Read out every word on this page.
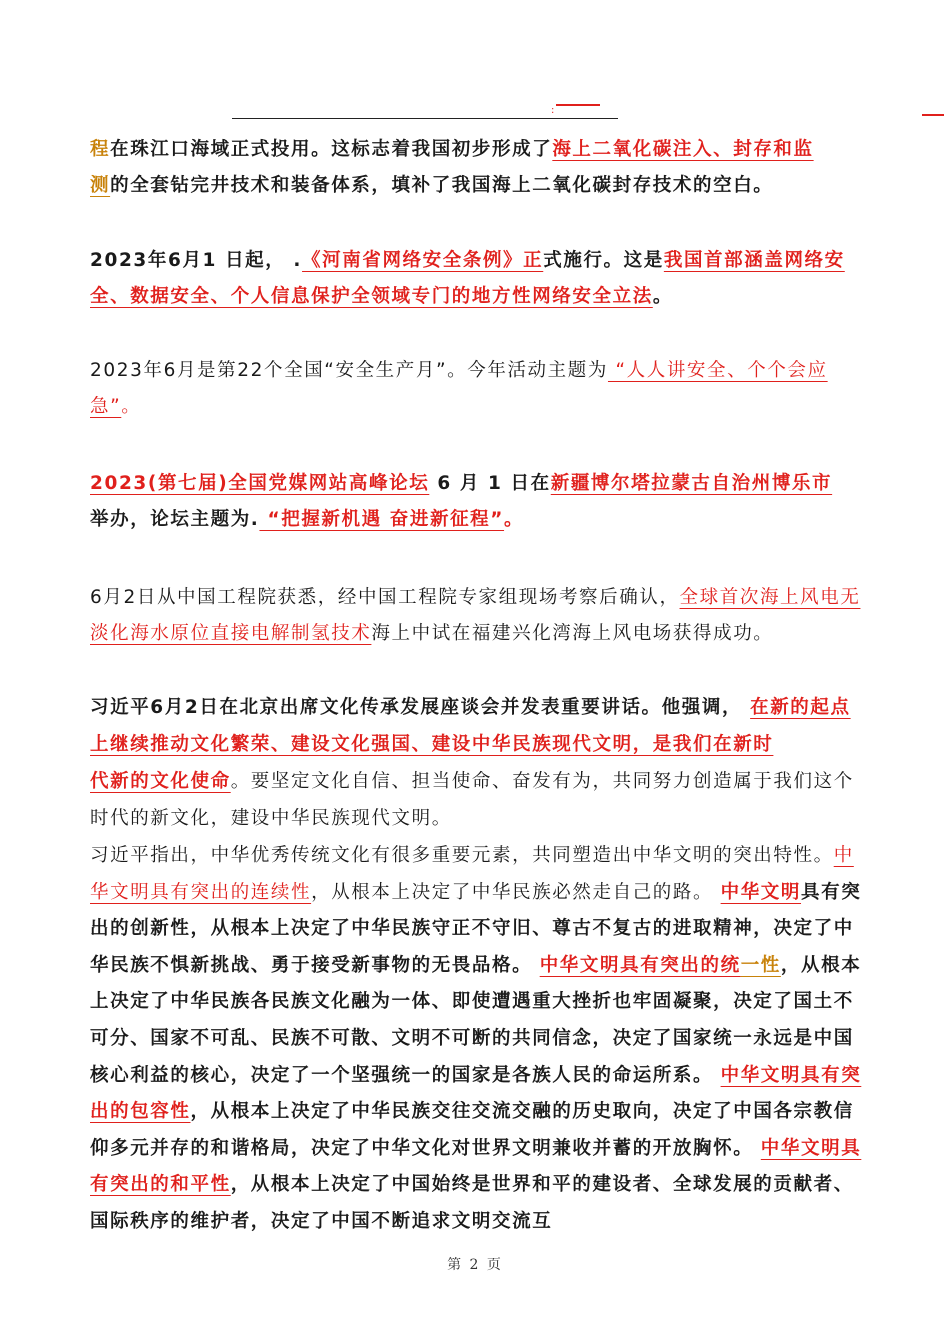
:

程在珠江口海域正式投用。这标志着我国初步形成了海上二氧化碳注入、封存和监
测的全套钻完井技术和装备体系，填补了我国海上二氧化碳封存技术的空白。

2023年6月1 日起， .《河南省网络安全条例》正式施行。这是我国首部涵盖网络安全、数据安全、个人信息保护全领域专门的地方性网络安全立法。

2023年6月是第22个全国“安全生产月”。今年活动主题为 “人人讲安全、个个会应急”。

2023(第七届)全国党媒网站高峰论坛 6 月 1 日在新疆博尔塔拉蒙古自治州博乐市
举办，论坛主题为. “把握新机遇 奋进新征程”。

6月2日从中国工程院获悉，经中国工程院专家组现场考察后确认，全球首次海上风电无淡化海水原位直接电解制氢技术海上中试在福建兴化湾海上风电场获得成功。

习近平6月2日在北京出席文化传承发展座谈会并发表重要讲话。他强调， 在新的起点上继续推动文化繁荣、建设文化强国、建设中华民族现代文明，是我们在新时
代新的文化使命。要坚定文化自信、担当使命、奋发有为，共同努力创造属于我们这个时代的新文化，建设中华民族现代文明。

习近平指出，中华优秀传统文化有很多重要元素，共同塑造出中华文明的突出特性。中华文明具有突出的连续性，从根本上决定了中华民族必然走自己的路。 中华文明具有突出的创新性，从根本上决定了中华民族守正不守旧、尊古不复古的进取精神，决定了中华民族不惧新挑战、勇于接受新事物的无畏品格。 中华文明具有突出的统一性，从根本上决定了中华民族各民族文化融为一体、即使遭遇重大挫折也牢固凝聚，决定了国土不可分、国家不可乱、民族不可散、文明不可断的共同信念，决定了国家统一永远是中国核心利益的核心，决定了一个坚强统一的国家是各族人民的命运所系。 中华文明具有突出的包容性，从根本上决定了中华民族交往交流交融的历史取向，决定了中国各宗教信仰多元并存的和谐格局，决定了中华文化对世界文明兼收并蓄的开放胸怀。 中华文明具有突出的和平性，从根本上决定了中国始终是世界和平的建设者、全球发展的贡献者、国际秩序的维护者，决定了中国不断追求文明交流互

第 2 页
